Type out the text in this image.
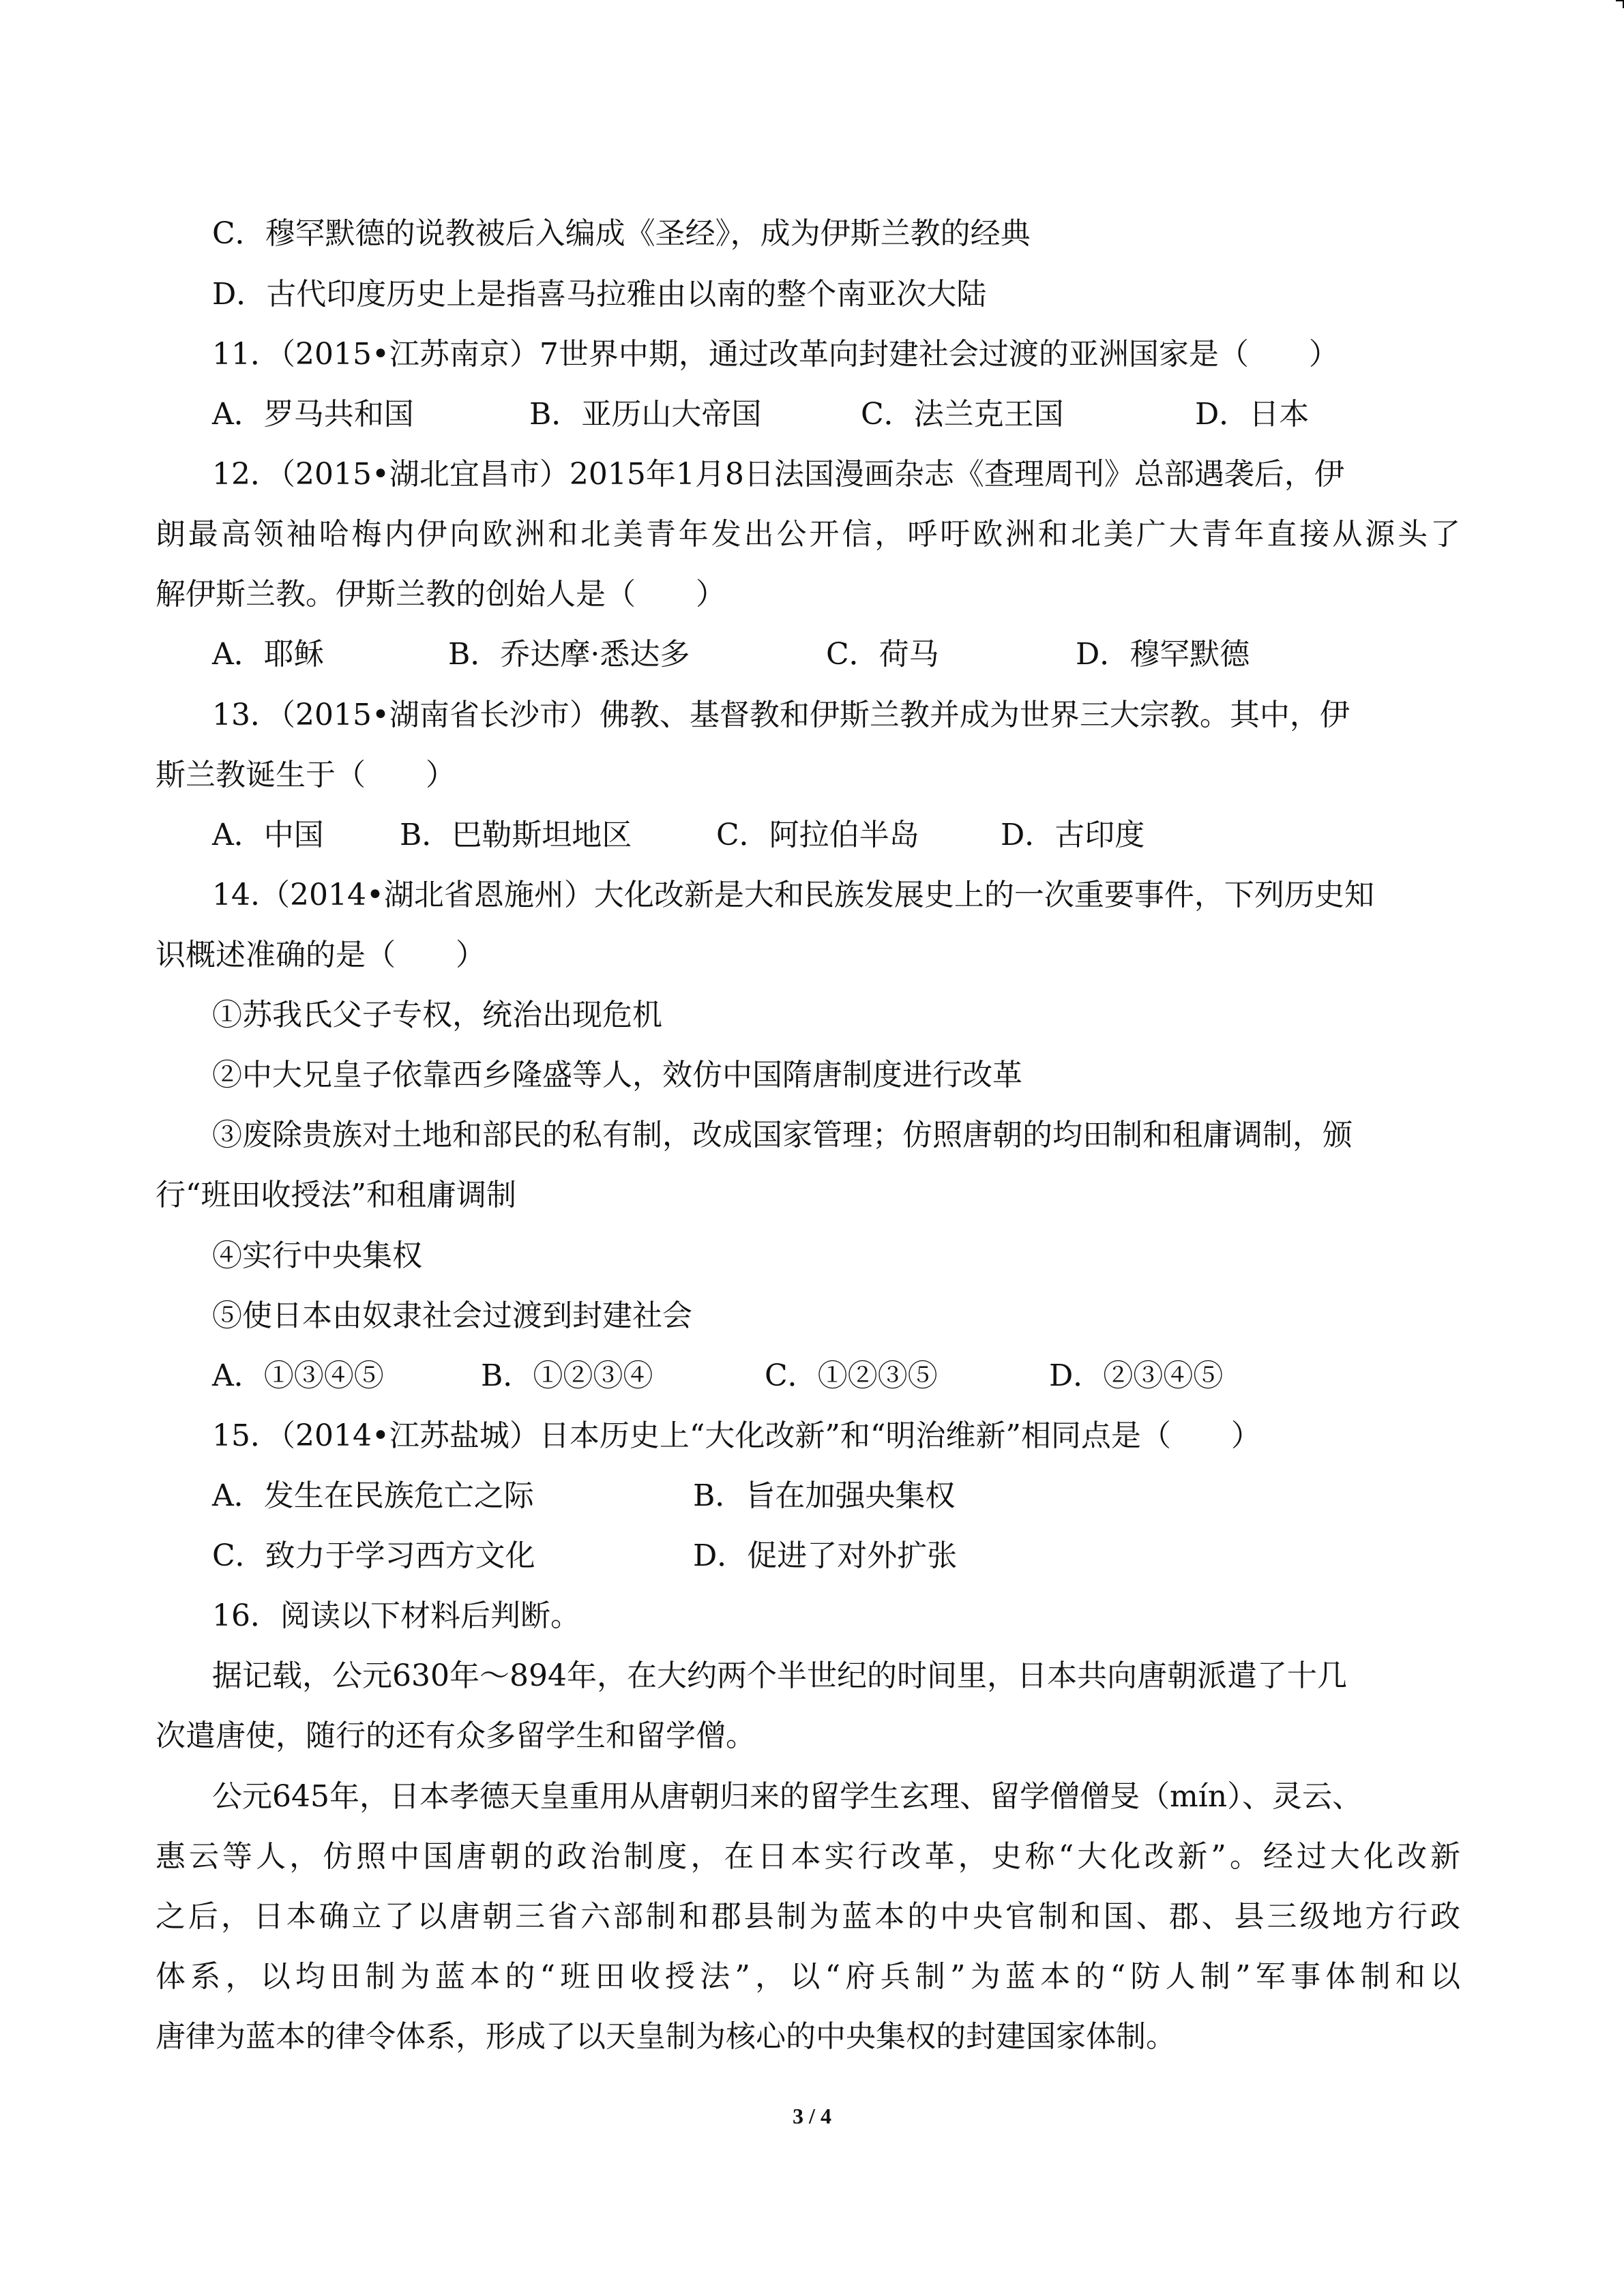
C．穆罕默德的说教被后入编成《圣经》，成为伊斯兰教的经典

D．古代印度历史上是指喜马拉雅由以南的整个南亚次大陆

11．（2015•江苏南京）7世界中期，通过改革向封建社会过渡的亚洲国家是（　　）

A．罗马共和国	B．亚历山大帝国	C．法兰克王国	D．日本

12．（2015•湖北宜昌市）2015年1月8日法国漫画杂志《查理周刊》总部遇袭后，伊

朗最高领袖哈梅内伊向欧洲和北美青年发出公开信，呼吁欧洲和北美广大青年直接从源头了

解伊斯兰教。伊斯兰教的创始人是（　　）

A．耶稣	B．乔达摩·悉达多	C．荷马	D．穆罕默德

13．（2015•湖南省长沙市）佛教、基督教和伊斯兰教并成为世界三大宗教。其中，伊

斯兰教诞生于（　　）

A．中国	B．巴勒斯坦地区	C．阿拉伯半岛	D．古印度

14.（2014•湖北省恩施州）大化改新是大和民族发展史上的一次重要事件，下列历史知

识概述准确的是（　　）

①苏我氏父子专权，统治出现危机

②中大兄皇子依靠西乡隆盛等人，效仿中国隋唐制度进行改革

③废除贵族对土地和部民的私有制，改成国家管理；仿照唐朝的均田制和租庸调制，颁

行“班田收授法”和租庸调制

④实行中央集权

⑤使日本由奴隶社会过渡到封建社会

A．①③④⑤	B．①②③④	C．①②③⑤	D．②③④⑤

15．（2014•江苏盐城）日本历史上“大化改新”和“明治维新”相同点是（　　）

A．发生在民族危亡之际	B．旨在加强央集权
C．致力于学习西方文化	D．促进了对外扩张

16．阅读以下材料后判断。

据记载，公元630年～894年，在大约两个半世纪的时间里，日本共向唐朝派遣了十几

次遣唐使，随行的还有众多留学生和留学僧。

公元645年，日本孝德天皇重用从唐朝归来的留学生玄理、留学僧僧旻（mín）、灵云、

惠云等人，仿照中国唐朝的政治制度，在日本实行改革，史称“大化改新”。经过大化改新

之后，日本确立了以唐朝三省六部制和郡县制为蓝本的中央官制和国、郡、县三级地方行政

体系，以均田制为蓝本的“班田收授法”，以“府兵制”为蓝本的“防人制”军事体制和以

唐律为蓝本的律令体系，形成了以天皇制为核心的中央集权的封建国家体制。

3 / 4
